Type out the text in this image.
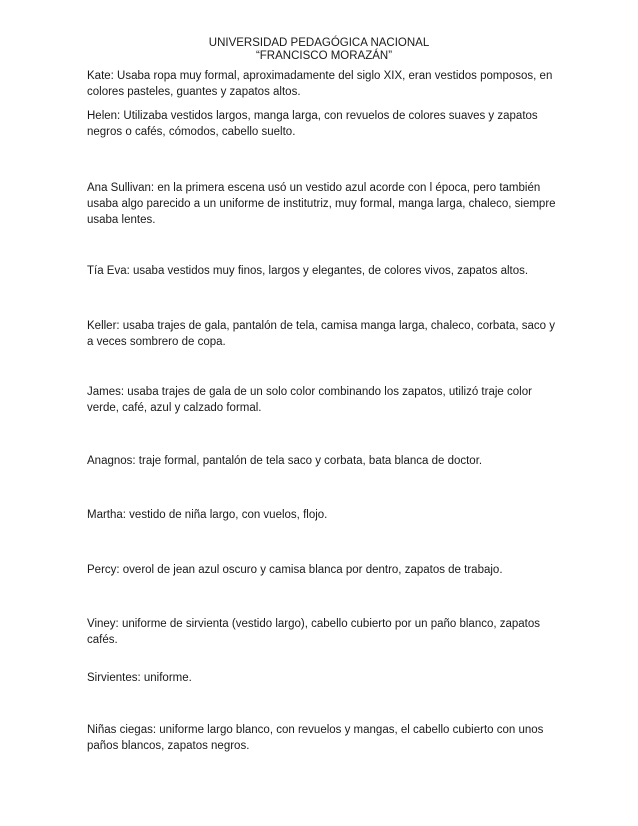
UNIVERSIDAD PEDAGÓGICA NACIONAL

“FRANCISCO MORAZÁN”

Kate: Usaba ropa muy formal, aproximadamente del siglo XIX, eran vestidos pomposos, en colores pasteles, guantes y zapatos altos.

Helen: Utilizaba vestidos largos, manga larga, con revuelos de colores suaves y zapatos negros o cafés, cómodos, cabello suelto.

Ana Sullivan: en la primera escena usó un vestido azul acorde con l época, pero también usaba algo parecido a un uniforme de institutriz, muy formal, manga larga, chaleco, siempre usaba lentes.

Tía Eva: usaba vestidos muy finos, largos y elegantes, de colores vivos, zapatos altos.

Keller: usaba trajes de gala, pantalón de tela, camisa manga larga, chaleco, corbata, saco y a veces sombrero de copa.

James: usaba trajes de gala de un solo color combinando los zapatos, utilizó traje color verde, café, azul y calzado formal.

Anagnos: traje formal, pantalón de tela saco y corbata, bata blanca de doctor.

Martha: vestido de niña largo, con vuelos, flojo.

Percy: overol de jean azul oscuro y camisa blanca por dentro, zapatos de trabajo.

Viney: uniforme de sirvienta (vestido largo), cabello cubierto por un paño blanco, zapatos cafés.

Sirvientes: uniforme.

Niñas ciegas: uniforme largo blanco, con revuelos y mangas, el cabello cubierto con unos paños blancos, zapatos negros.
